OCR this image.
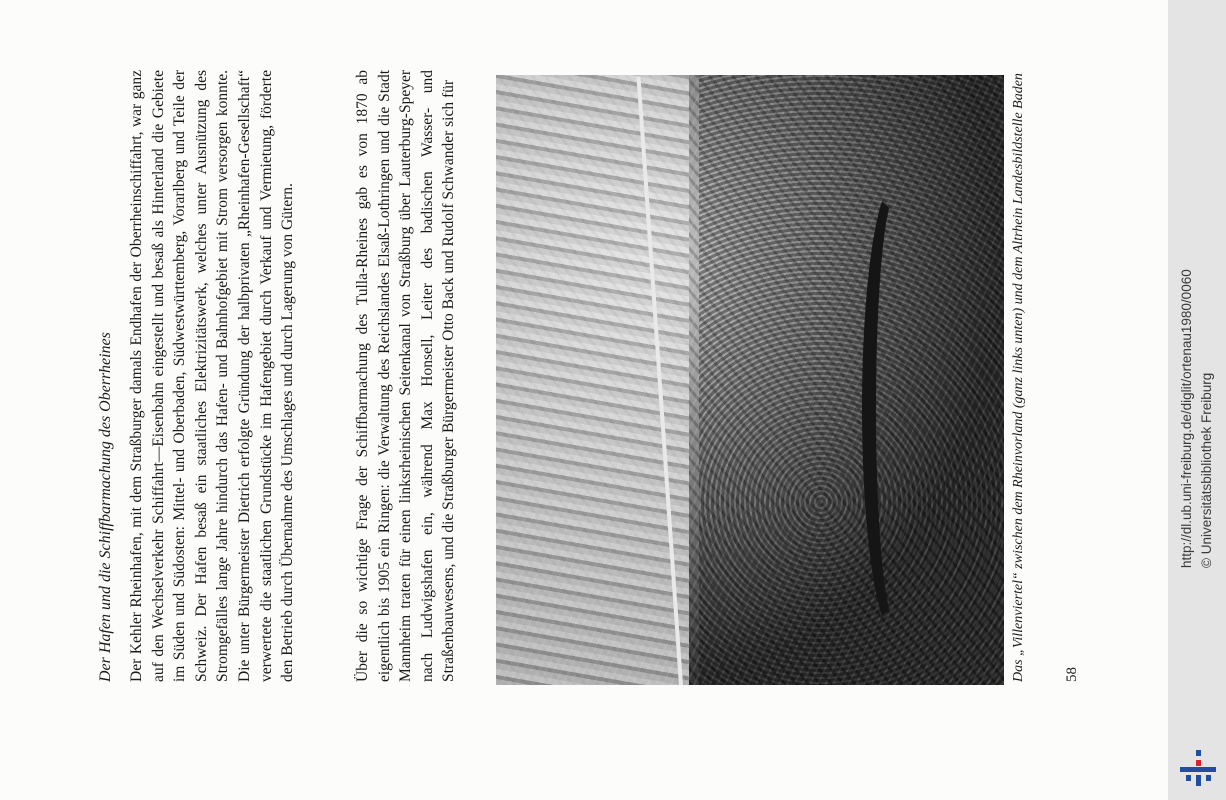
Der Hafen und die Schiffbarmachung des Oberrheines Der Kehler Rheinhafen, mit dem Straßburger damals Endhafen der Oberrheinschiffahrt, war ganz auf den Wechselverkehr Schiffahrt—Eisenbahn eingestellt und besaß als Hinterland die Gebiete im Süden und Südosten: Mittel- und Oberbaden, Südwestwürttemberg, Vorarlberg und Teile der Schweiz. Der Hafen besaß ein staatliches Elektrizitätswerk, welches unter Ausnützung des Stromgefälles lange Jahre hindurch das Hafen- und Bahnhofgebiet mit Strom versorgen konnte. Die unter Bürgermeister Dietrich erfolgte Gründung der halbprivaten „Rheinhafen-Gesellschaft“ verwertete die staatlichen Grundstücke im Hafengebiet durch Verkauf und Vermietung, förderte den Betrieb durch Übernahme des Umschlages und durch Lagerung von Gütern.	Über die so wichtige Frage der Schiffbarmachung des Tulla-Rheines gab es von 1870 ab eigentlich bis 1905 ein Ringen: die Verwaltung des Reichslandes Elsaß-Lothringen und die Stadt Mannheim traten für einen linksrheinischen Seitenkanal von Straßburg über Lauterburg-Speyer nach Ludwigshafen ein, während Max Honsell, Leiter des badischen Wasser- und Straßenbauwesens, und die Straßburger Bürgermeister Otto Back und Rudolf Schwander sich für	Das „Villenviertel“ zwischen dem Rheinvorland (ganz links unten) und dem Altrhein Landesbildstelle Baden	58
http://dl.ub.uni-freiburg.de/diglit/ortenau1980/0060 © Universitätsbibliothek Freiburg
